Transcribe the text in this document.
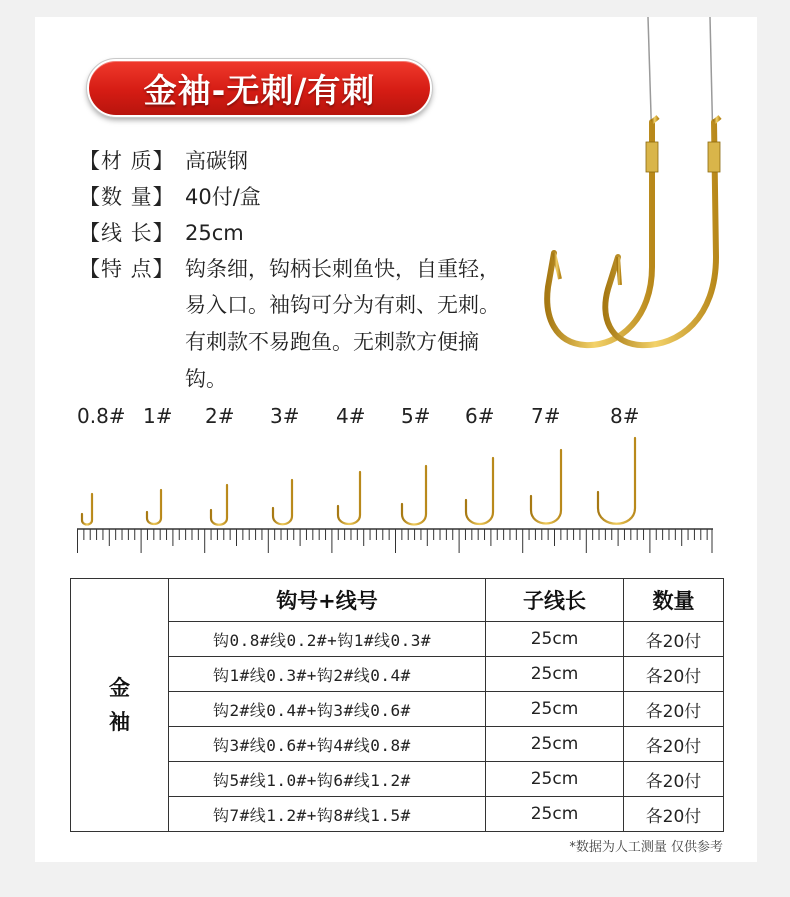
金袖-无刺/有刺
【材 质】 高碳钢
【数 量】 40付/盒
【线 长】 25cm
【特 点】 钩条细，钩柄长刺鱼快，自重轻，
易入口。袖钩可分为有刺、无刺。
有刺款不易跑鱼。无刺款方便摘
钩。
0.8# 1# 2# 3# 4# 5# 6# 7# 8#
金
袖	钩号+线号	子线长	数量
	钩0.8#线0.2#+钩1#线0.3#	25cm	各20付
	钩1#线0.3#+钩2#线0.4#	25cm	各20付
	钩2#线0.4#+钩3#线0.6#	25cm	各20付
	钩3#线0.6#+钩4#线0.8#	25cm	各20付
	钩5#线1.0#+钩6#线1.2#	25cm	各20付
	钩7#线1.2#+钩8#线1.5#	25cm	各20付
*数据为人工测量 仅供参考
